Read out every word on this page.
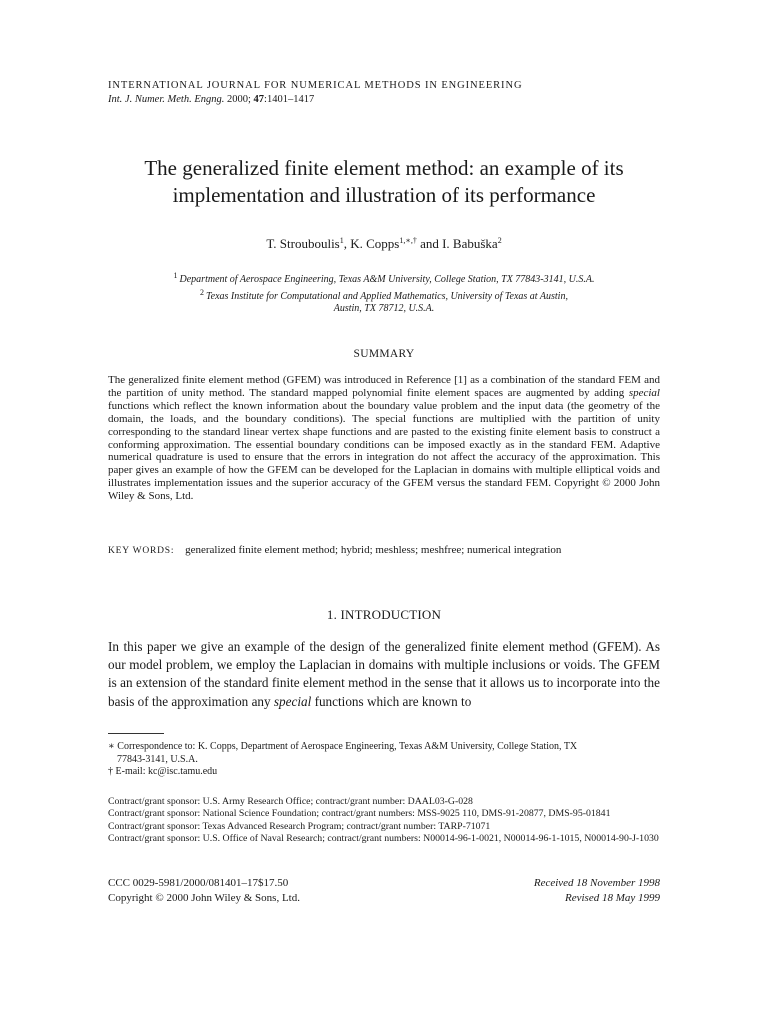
INTERNATIONAL JOURNAL FOR NUMERICAL METHODS IN ENGINEERING
Int. J. Numer. Meth. Engng. 2000; 47:1401–1417
The generalized finite element method: an example of its
implementation and illustration of its performance
T. Strouboulis$^1$, K. Copps$^{1,∗,\dagger}$ and I. Babuška$^2$
$^1$ Department of Aerospace Engineering, Texas A&M University, College Station, TX 77843-3141, U.S.A.
$^2$ Texas Institute for Computational and Applied Mathematics, University of Texas at Austin,
Austin, TX 78712, U.S.A.
SUMMARY
The generalized finite element method (GFEM) was introduced in Reference [1] as a combination of the standard FEM and the partition of unity method. The standard mapped polynomial finite element spaces are augmented by adding special functions which reflect the known information about the boundary value problem and the input data (the geometry of the domain, the loads, and the boundary conditions). The special functions are multiplied with the partition of unity corresponding to the standard linear vertex shape functions and are pasted to the existing finite element basis to construct a conforming approximation. The essential boundary conditions can be imposed exactly as in the standard FEM. Adaptive numerical quadrature is used to ensure that the errors in integration do not affect the accuracy of the approximation. This paper gives an example of how the GFEM can be developed for the Laplacian in domains with multiple elliptical voids and illustrates implementation issues and the superior accuracy of the GFEM versus the standard FEM. Copyright © 2000 John Wiley & Sons, Ltd.
KEY WORDS: generalized finite element method; hybrid; meshless; meshfree; numerical integration
1. INTRODUCTION
In this paper we give an example of the design of the generalized finite element method (GFEM). As our model problem, we employ the Laplacian in domains with multiple inclusions or voids. The GFEM is an extension of the standard finite element method in the sense that it allows us to incorporate into the basis of the approximation any special functions which are known to
∗ Correspondence to: K. Copps, Department of Aerospace Engineering, Texas A&M University, College Station, TX
77843-3141, U.S.A.
† E-mail: kc@isc.tamu.edu
Contract/grant sponsor: U.S. Army Research Office; contract/grant number: DAAL03-G-028
Contract/grant sponsor: National Science Foundation; contract/grant numbers: MSS-9025 110, DMS-91-20877, DMS-95-01841
Contract/grant sponsor: Texas Advanced Research Program; contract/grant number: TARP-71071
Contract/grant sponsor: U.S. Office of Naval Research; contract/grant numbers: N00014-96-1-0021, N00014-96-1-1015, N00014-90-J-1030
CCC 0029-5981/2000/081401–17$17.50
Copyright © 2000 John Wiley & Sons, Ltd.
Received 18 November 1998
Revised 18 May 1999
